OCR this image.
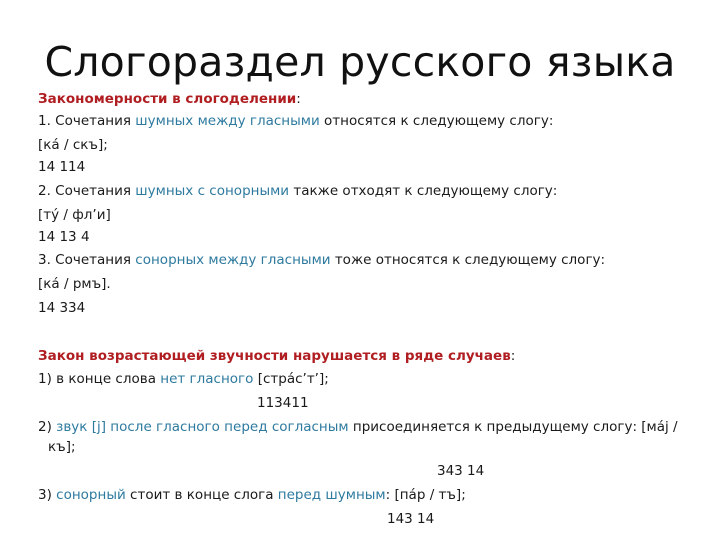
Слогораздел русского языка
Закономерности в слогоделении:
1. Сочетания шумных между гласными относятся к следующему слогу:
[ка́ / скъ];
14 114
2. Сочетания шумных с сонорными также отходят к следующему слогу:
[ту́ / фл’и]
14 13 4
3. Сочетания сонорных между гласными тоже относятся к следующему слогу:
[ка́ / рмъ].
14 334
Закон возрастающей звучности нарушается в ряде случаев:
1) в конце слова нет гласного [стра́с’т’];
113411
2) звук [j] после гласного перед согласным присоединяется к предыдущему слогу: [ма́j /
къ];
343 14
3) сонорный стоит в конце слога перед шумным: [па́р / тъ];
143 14
